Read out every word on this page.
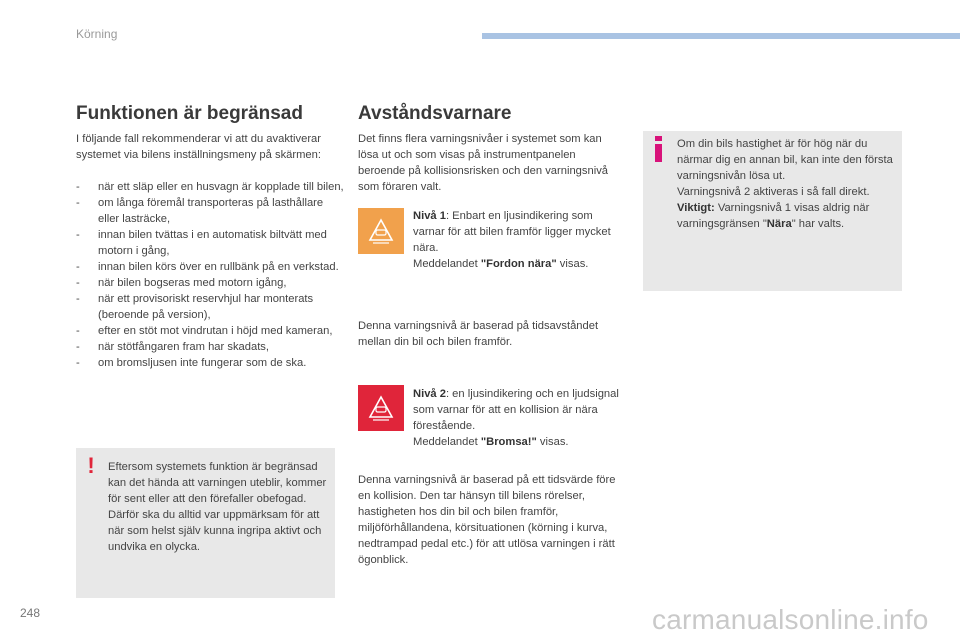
Körning
Funktionen är begränsad

I följande fall rekommenderar vi att du avaktiverar systemet via bilens inställningsmeny på skärmen:

- när ett släp eller en husvagn är kopplade till bilen,
- om långa föremål transporteras på lasthållare eller lasträcke,
- innan bilen tvättas i en automatisk biltvätt med motorn i gång,
- innan bilen körs över en rullbänk på en verkstad.
- när bilen bogseras med motorn igång,
- när ett provisoriskt reservhjul har monterats (beroende på version),
- efter en stöt mot vindrutan i höjd med kameran,
- när stötfångaren fram har skadats,
- om bromsljusen inte fungerar som de ska.
! Eftersom systemets funktion är begränsad kan det hända att varningen uteblir, kommer för sent eller att den förefaller obefogad.

Därför ska du alltid var uppmärksam för att när som helst själv kunna ingripa aktivt och undvika en olycka.

Avståndsvarnare
Det finns flera varningsnivåer i systemet som kan lösa ut och som visas på instrumentpanelen beroende på kollisionsrisken och den varningsnivå som föraren valt.

Nivå 1: Enbart en ljusindikering som varnar för att bilen framför ligger mycket nära.

Meddelandet "Fordon nära" visas.

Denna varningsnivå är baserad på tidsavståndet mellan din bil och bilen framför.

Nivå 2: en ljusindikering och en ljudsignal som varnar för att en kollision är nära förestående.

Meddelandet "Bromsa!" visas.

Denna varningsnivå är baserad på ett tidsvärde före en kollision. Den tar hänsyn till bilens rörelser, hastigheten hos din bil och bilen framför, miljöförhållandena, körsituationen (körning i kurva, nedtrampad pedal etc.) för att utlösa varningen i rätt ögonblick.
Om din bils hastighet är för hög när du närmar dig en annan bil, kan inte den första varningsnivån lösa ut.
Varningsnivå 2 aktiveras i så fall direkt.
Viktigt: Varningsnivå 1 visas aldrig när varningsgränsen "Nära" har valts.
248	carmanualsonline.info
